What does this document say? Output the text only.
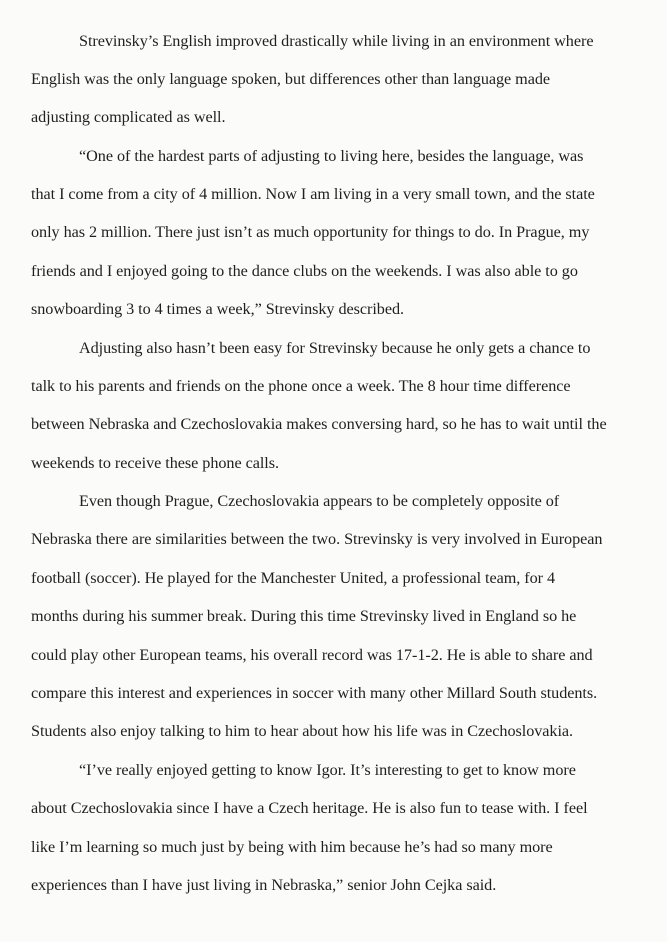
Strevinsky’s English improved drastically while living in an environment where
English was the only language spoken, but differences other than language made
adjusting complicated as well.
“One of the hardest parts of adjusting to living here, besides the language, was
that I come from a city of 4 million. Now I am living in a very small town, and the state
only has 2 million. There just isn’t as much opportunity for things to do. In Prague, my
friends and I enjoyed going to the dance clubs on the weekends. I was also able to go
snowboarding 3 to 4 times a week,” Strevinsky described.
Adjusting also hasn’t been easy for Strevinsky because he only gets a chance to
talk to his parents and friends on the phone once a week. The 8 hour time difference
between Nebraska and Czechoslovakia makes conversing hard, so he has to wait until the
weekends to receive these phone calls.
Even though Prague, Czechoslovakia appears to be completely opposite of
Nebraska there are similarities between the two. Strevinsky is very involved in European
football (soccer). He played for the Manchester United, a professional team, for 4
months during his summer break. During this time Strevinsky lived in England so he
could play other European teams, his overall record was 17-1-2. He is able to share and
compare this interest and experiences in soccer with many other Millard South students.
Students also enjoy talking to him to hear about how his life was in Czechoslovakia.
“I’ve really enjoyed getting to know Igor. It’s interesting to get to know more
about Czechoslovakia since I have a Czech heritage. He is also fun to tease with. I feel
like I’m learning so much just by being with him because he’s had so many more
experiences than I have just living in Nebraska,” senior John Cejka said.
